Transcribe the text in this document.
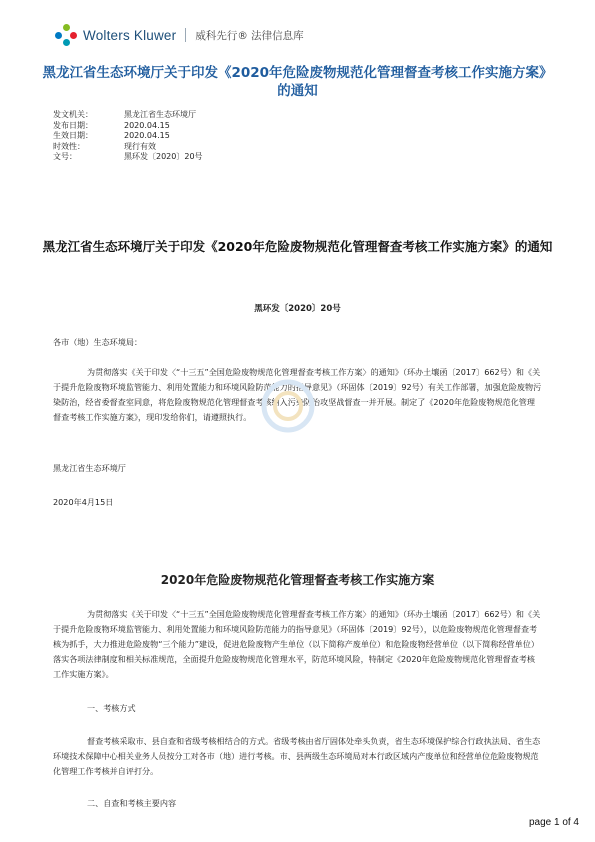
Wolters Kluwer 威科先行® 法律信息库
黑龙江省生态环境厅关于印发《2020年危险废物规范化管理督查考核工作实施方案》的通知
发文机关：	黑龙江省生态环境厅
发布日期：	2020.04.15
生效日期：	2020.04.15
时效性：	现行有效
文号：	黑环发〔2020〕20号
黑龙江省生态环境厅关于印发《2020年危险废物规范化管理督查考核工作实施方案》的通知
黑环发〔2020〕20号

各市（地）生态环境局：

为贯彻落实《关于印发〈“十三五”全国危险废物规范化管理督查考核工作方案〉的通知》（环办土壤函〔2017〕662号）和《关于提升危险废物环境监管能力、利用处置能力和环境风险防范能力的指导意见》（环固体〔2019〕92号）有关工作部署，加强危险废物污染防治，经省委督查室同意，将危险废物规范化管理督查考核纳入污染防治攻坚战督查一并开展。制定了《2020年危险废物规范化管理督查考核工作实施方案》，现印发给你们，请遵照执行。

黑龙江省生态环境厅

2020年4月15日

2020年危险废物规范化管理督查考核工作实施方案

为贯彻落实《关于印发〈“十三五”全国危险废物规范化管理督查考核工作方案〉的通知》（环办土壤函〔2017〕662号）和《关于提升危险废物环境监管能力、利用处置能力和环境风险防范能力的指导意见》（环固体〔2019〕92号），以危险废物规范化管理督查考核为抓手，大力推进危险废物“三个能力”建设，促进危险废物产生单位（以下简称产废单位）和危险废物经营单位（以下简称经营单位）落实各项法律制度和相关标准规范，全面提升危险废物规范化管理水平，防范环境风险，特制定《2020年危险废物规范化管理督查考核工作实施方案》。

一、考核方式

督查考核采取市、县自查和省级考核相结合的方式。省级考核由省厅固体处牵头负责，省生态环境保护综合行政执法局、省生态环境技术保障中心相关业务人员按分工对各市（地）进行考核。市、县两级生态环境局对本行政区域内产废单位和经营单位危险废物规范化管理工作考核并自评打分。

二、自查和考核主要内容

page 1 of 4
